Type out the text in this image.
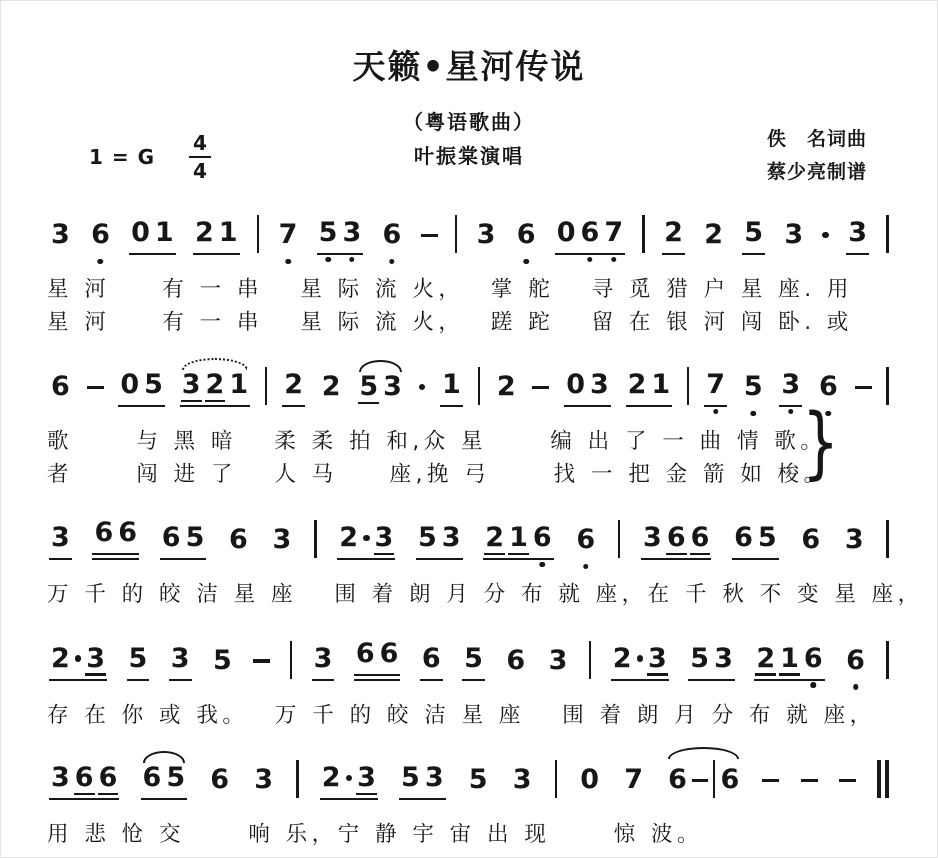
天籁•星河传说
（粤语歌曲）
叶振棠演唱
1 = G $\frac{4}{4}$	佚　名词曲
蔡少亮制谱
3 6 0 1 2 1 7 5 3 6	3 6 0 6 7 2 2 5 3 3
星 河　　有 一 串　 星 际 流 火，　 掌 舵　 寻 觅 猎 户 星 座. 用
星 河　　有 一 串　 星 际 流 火，　 蹉 跎　 留 在 银 河 闯 卧. 或
6 0 5 3 2 1 2 2 5 3 1 2 0 3 2 1 7 5 3 6
歌　　 与 黑 暗　 柔 柔 拍 和,众 星　　 编 出 了 一 曲 情 歌。
者　　 闯 进 了　 人 马　　座,挽 弓　　 找 一 把 金 箭 如 梭。
}
3 6 6 6 5 6 3 2 3 5 3 2 1 6 6 3 6 6 6 5 6 3
万 千 的 皎 洁 星 座　 围 着 朗 月 分 布 就 座，在 千 秋 不 变 星 座，
2 3 5 3 5	3 6 6 6 5 6 3 2 3 5 3 2 1 6 6
存 在 你 或 我。　 万 千 的 皎 洁 星 座　 围 着 朗 月 分 布 就 座，
3 6 6 6 5 6 3 2 3 5 3 5 3 0 7 6 6
用 悲 怆 交　　 响 乐，宁 静 宇 宙 出 现　　 惊 波。
